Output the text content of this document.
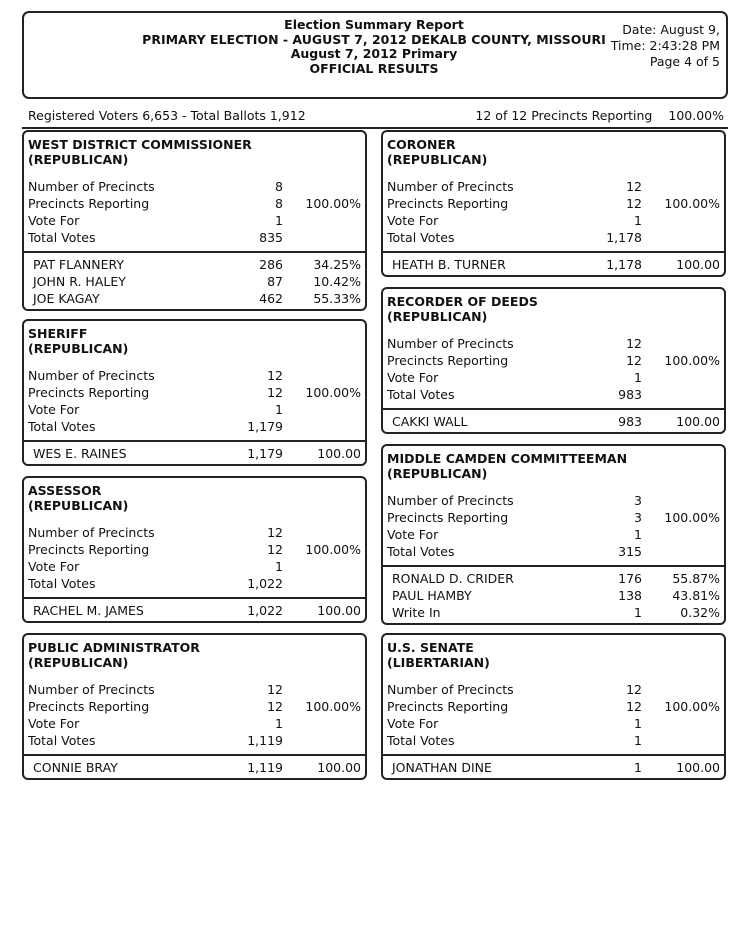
Election Summary Report
PRIMARY ELECTION - AUGUST 7, 2012 DEKALB COUNTY, MISSOURI
August 7, 2012 Primary
OFFICIAL RESULTS
Date: August 9,
Time: 2:43:28 PM
Page 4 of 5
Registered Voters 6,653 - Total Ballots 1,912	12 of 12 Precincts Reporting 100.00%
WEST DISTRICT COMMISSIONER
(REPUBLICAN)
Number of Precincts	8
Precincts Reporting	8 100.00%
Vote For	1
Total Votes	835
PAT FLANNERY	286 34.25%
JOHN R. HALEY	87 10.42%
JOE KAGAY	462 55.33%
SHERIFF
(REPUBLICAN)
Number of Precincts	12
Precincts Reporting	12 100.00%
Vote For	1
Total Votes	1,179
WES E. RAINES	1,179	100.00
ASSESSOR
(REPUBLICAN)
Number of Precincts	12
Precincts Reporting	12 100.00%
Vote For	1
Total Votes	1,022
RACHEL M. JAMES	1,022	100.00
PUBLIC ADMINISTRATOR
(REPUBLICAN)
Number of Precincts	12
Precincts Reporting	12 100.00%
Vote For	1
Total Votes	1,119
CONNIE BRAY	1,119	100.00
CORONER
(REPUBLICAN)
Number of Precincts	12
Precincts Reporting	12 100.00%
Vote For	1
Total Votes	1,178
HEATH B. TURNER	1,178	100.00
RECORDER OF DEEDS
(REPUBLICAN)
Number of Precincts	12
Precincts Reporting	12 100.00%
Vote For	1
Total Votes	983
CAKKI WALL	983	100.00
MIDDLE CAMDEN COMMITTEEMAN
(REPUBLICAN)
Number of Precincts	3
Precincts Reporting	3 100.00%
Vote For	1
Total Votes	315
RONALD D. CRIDER	176 55.87%
PAUL HAMBY	138 43.81%
Write In	1	0.32%
U.S. SENATE
(LIBERTARIAN)
Number of Precincts	12
Precincts Reporting	12 100.00%
Vote For	1
Total Votes	1
JONATHAN DINE	1	100.00
